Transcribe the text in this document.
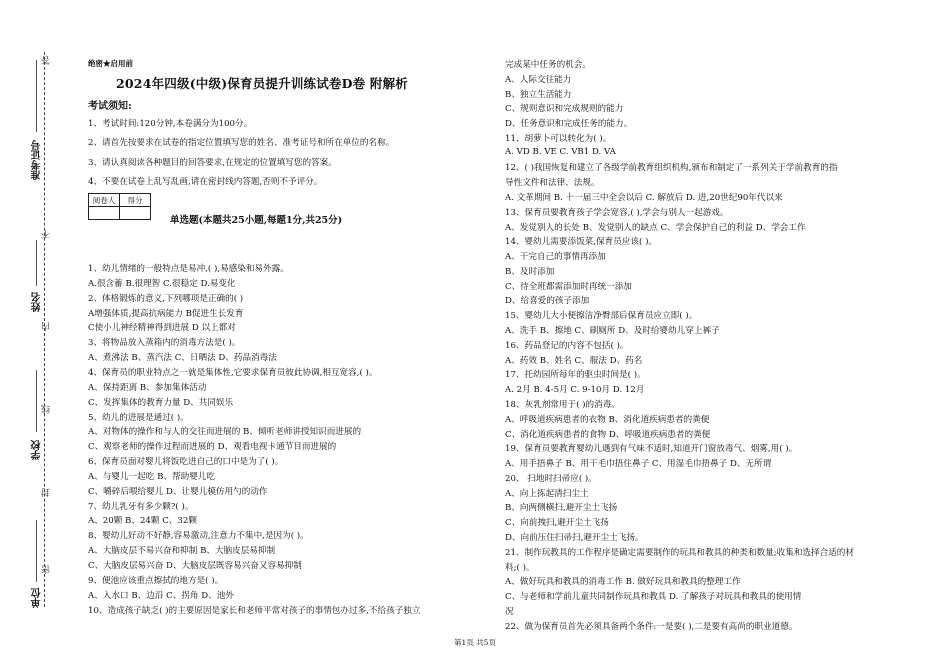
答
不
内
线
封
密
准考证号
姓名
学校
单位
绝密★启用前
2024年四级(中级)保育员提升训练试卷D卷 附解析
考试须知:
1、考试时间:120分钟,本卷满分为100分。
2、请首先按要求在试卷的指定位置填写您的姓名、准考证号和所在单位的名称。
3、请认真阅读各种题目的回答要求,在规定的位置填写您的答案。
4、不要在试卷上乱写乱画,请在密封线内答题,否则不予评分。
阅卷人	得分

单选题(本题共25小题,每题1分,共25分)
1、幼儿情绪的一般特点是易冲,( ),易感染和易外露。
A.很含蓄 B.很理智 C.很稳定 D.易变化
2、体格锻炼的意义,下列哪项是正确的( )
A增强体质,提高抗病能力 B促进生长发育
C使小儿神经精神得到进展 D 以上都对
3、将物品放入蒸箱内的消毒方法是( )。
A、煮沸法 B、蒸汽法 C、日晒法 D、药品消毒法
4、保育员的职业特点之一就是集体性,它要求保育员彼此协调,相互宽容,( )。
A、保持距离 B、参加集体活动
C、发挥集体的教育力量 D、共同娱乐
5、幼儿的进展是通过( )。
A、对物体的操作和与人的交往而进展的 B、倾听老师讲授知识而进展的
C、观察老师的操作过程而进展的 D、观看电视卡通节目而进展的
6、保育员面对婴儿将饭吃进自己的口中是为了( )。
A、与婴儿一起吃 B、帮助婴儿吃
C、嚼碎后喂给婴儿 D、让婴儿模仿用勺的动作
7、幼儿乳牙有多少颗?( )。
A、20颗 B、24颗 C、32颗
8、婴幼儿好动不好静,容易激动,注意力不集中,是因为( )。
A、大脑皮层不易兴奋和抑制 B、大脑皮层易抑制
C、大脑皮层易兴奋 D、大脑皮层既容易兴奋又容易抑制
9、便池应该重点擦拭的地方是( )。
A、入水口 B、边沿 C、拐角 D、池外
10、造成孩子缺乏( )的主要原因是家长和老师平常对孩子的事情包办过多,不给孩子独立
完成某中任务的机会。
A、人际交往能力
B、独立生活能力
C、规则意识和完成规则的能力
D、任务意识和完成任务的能力。
11、胡萝卜可以转化为( )。
A. VD B. VE C. VB1 D. VA
12、( )我国恢复和建立了各级学前教育组织机构,颁布和制定了一系列关于学前教育的指
导性文件和法律、法规。
A. 文革期间 B. 十一届三中全会以后 C. 解放后 D. 进,20世纪90年代以来
13、保育员要教育孩子学会宽容,( ),学会与别人一起游戏。
A、发觉别人的长处 B、发觉别人的缺点 C、学会保护自己的利益 D、学会工作
14、婴幼儿需要添饭菜,保育员应该( )。
A、干完自己的事情再添加
B、及时添加
C、待全班都需添加时再统一添加
D、给喜爱的孩子添加
15、婴幼儿大小便擦洁净臀部后保育员应立即( )。
A、洗手 B、擦地 C、刷厕所 D、及时给婴幼儿穿上裤子
16、药品登记的内容不包括( )。
A、药效 B、姓名 C、服法 D、药名
17、托幼园所每年的驱虫时间是( )。
A. 2月 B. 4-5月 C. 9-10月 D. 12月
18、灰乳剂常用于( )的消毒。
A、呼吸道疾病患者的衣物 B、消化道疾病患者的粪便
C、消化道疾病患者的食物 D、呼吸道疾病患者的粪便
19、保育员要教育婴幼儿遇到有气味不适时,知道开门窗放毒气、烟雾,用( )。
A、用手捂鼻子 B、用干毛巾捂住鼻子 C、用湿毛巾捂鼻子 D、无所谓
20、 扫地时扫帚应( )。
A、向上拣起清扫尘土
B、向两侧横扫,避开尘土飞扬
C、向前拽扫,避开尘土飞扬
D、向前压住扫帚扫,避开尘土飞扬。
21、制作玩教具的工作程序是确定需要制作的玩具和教具的种类和数量;收集和选择合适的材
料;( )。
A、做好玩具和教具的消毒工作 B. 做好玩具和教具的整理工作
C、与老师和学前儿童共同制作玩具和教具 D. 了解孩子对玩具和教具的使用情
况
22、做为保育员首先必须具备两个条件:一是要( ),二是要有高尚的职业道德。
第1页 共5页
